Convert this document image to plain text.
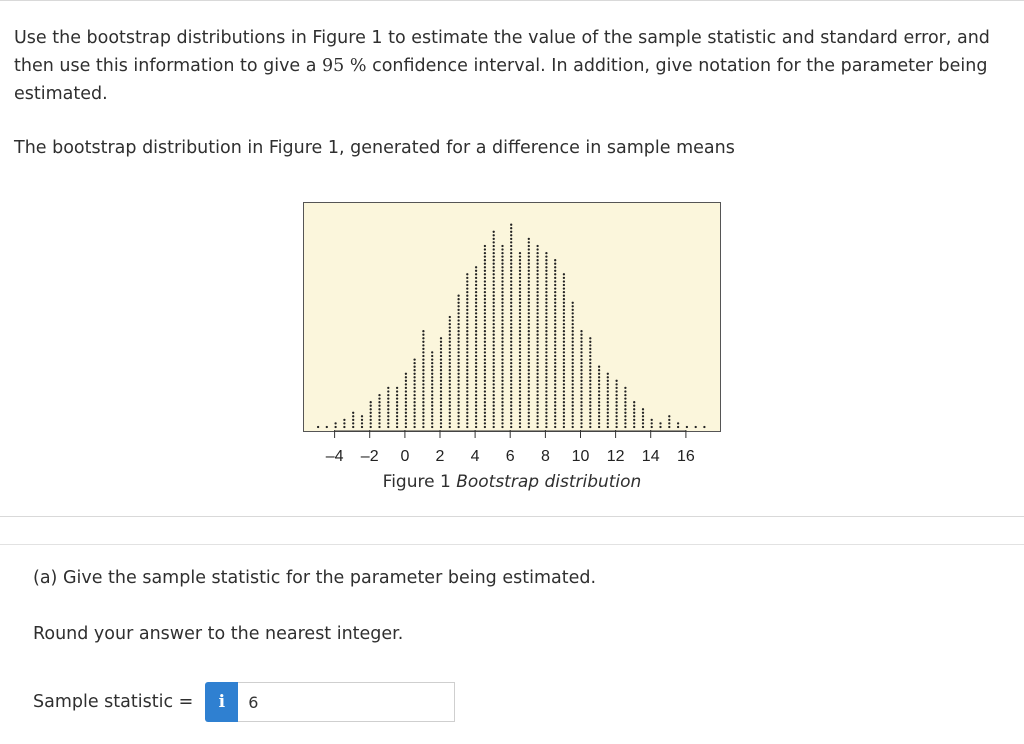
Use the bootstrap distributions in Figure 1 to estimate the value of the sample statistic and standard error, and then use this information to give a 95 % confidence interval. In addition, give notation for the parameter being estimated.
The bootstrap distribution in Figure 1, generated for a difference in sample means
–4 –2 0 2 4 6 8 10 12 14 16
Figure 1 Bootstrap distribution
(a) Give the sample statistic for the parameter being estimated.
Round your answer to the nearest integer.
Sample statistic =	i
6
